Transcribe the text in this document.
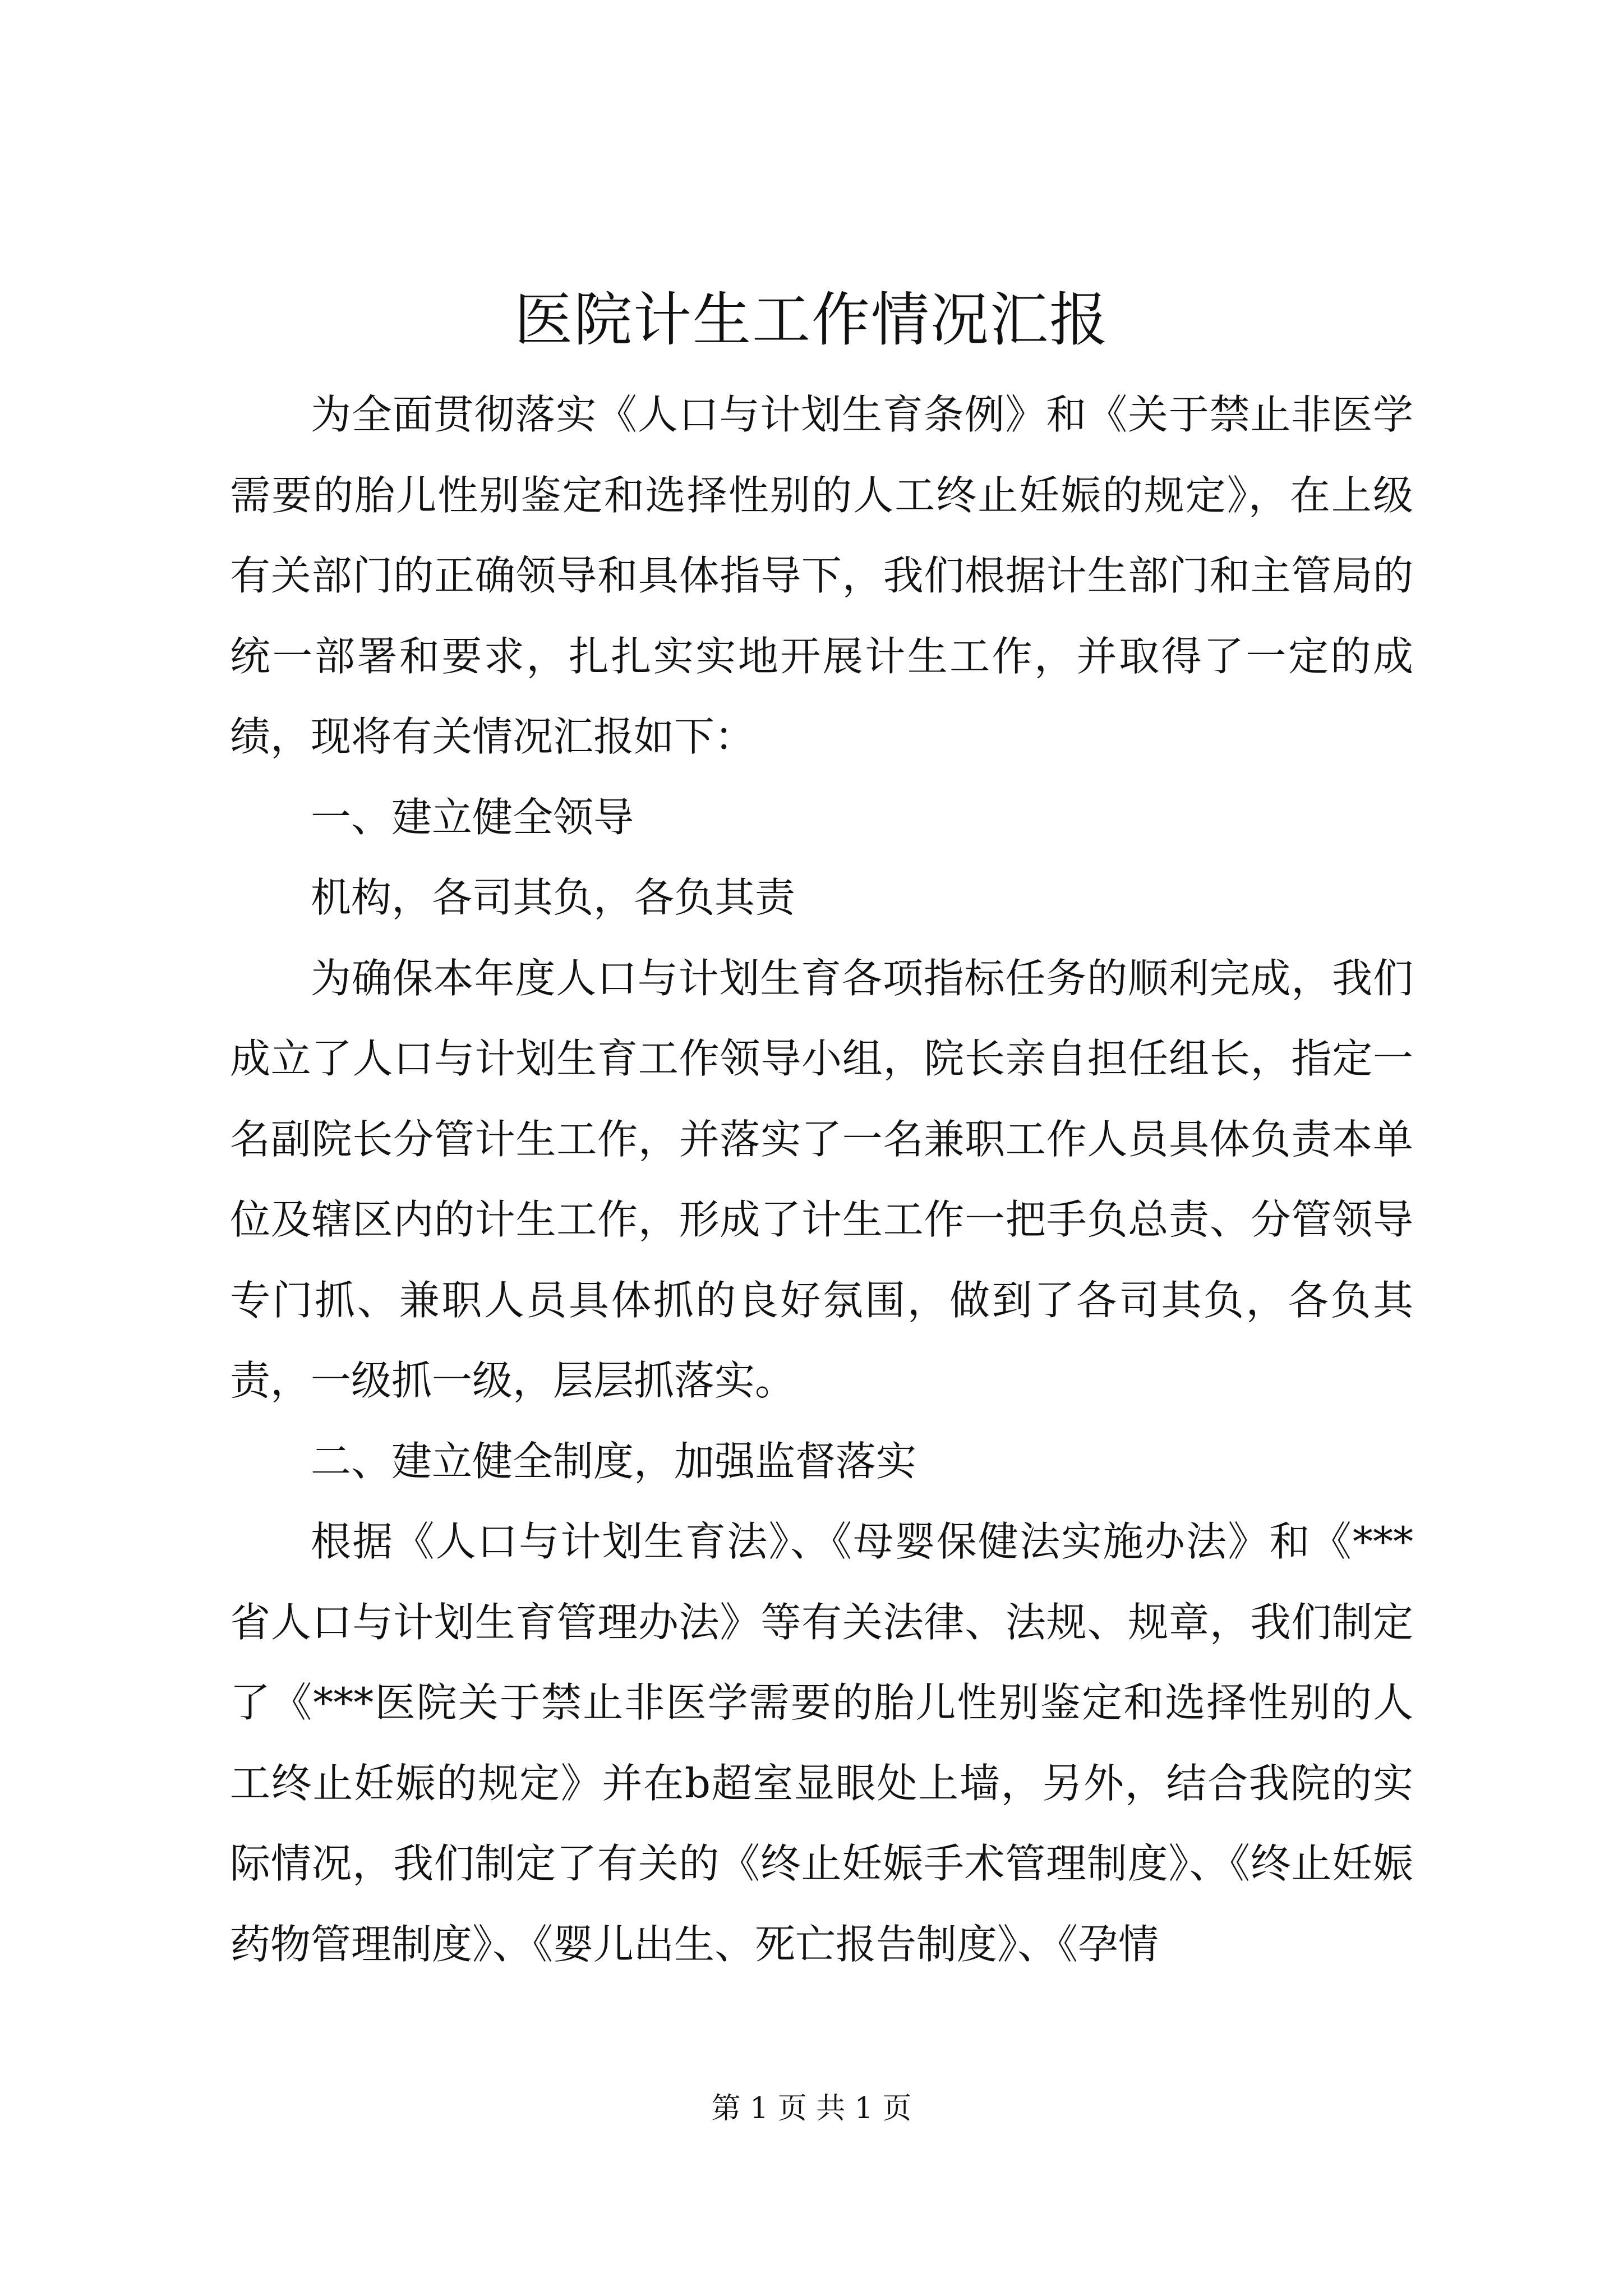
医院计生工作情况汇报

为全面贯彻落实《人口与计划生育条例》和《关于禁止非医学需要的胎儿性别鉴定和选择性别的人工终止妊娠的规定》，在上级有关部门的正确领导和具体指导下，我们根据计生部门和主管局的统一部署和要求，扎扎实实地开展计生工作，并取得了一定的成绩，现将有关情况汇报如下：

一、建立健全领导

机构，各司其负，各负其责

为确保本年度人口与计划生育各项指标任务的顺利完成，我们成立了人口与计划生育工作领导小组，院长亲自担任组长，指定一名副院长分管计生工作，并落实了一名兼职工作人员具体负责本单位及辖区内的计生工作，形成了计生工作一把手负总责、分管领导专门抓、兼职人员具体抓的良好氛围，做到了各司其负，各负其责，一级抓一级，层层抓落实。

二、建立健全制度，加强监督落实

根据《人口与计划生育法》、《母婴保健法实施办法》和《***省人口与计划生育管理办法》等有关法律、法规、规章，我们制定了《***医院关于禁止非医学需要的胎儿性别鉴定和选择性别的人工终止妊娠的规定》并在b超室显眼处上墙，另外，结合我院的实际情况，我们制定了有关的《终止妊娠手术管理制度》、《终止妊娠药物管理制度》、《婴儿出生、死亡报告制度》、《孕情

第 1 页 共 1 页
